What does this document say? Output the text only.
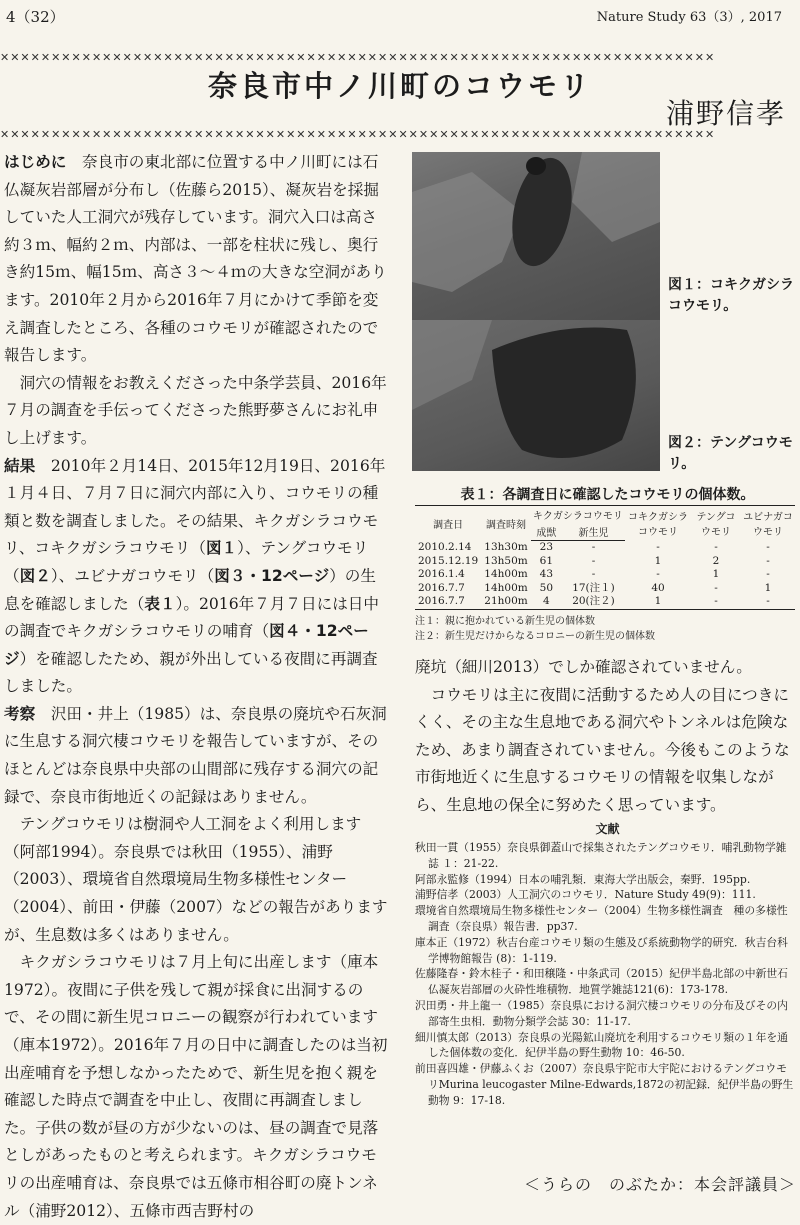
4（32）	Nature Study 63（3）, 2017
✕✕✕✕✕✕✕✕✕✕✕✕✕✕✕✕✕✕✕✕✕✕✕✕✕✕✕✕✕✕✕✕✕✕✕✕✕✕✕✕✕✕✕✕✕✕✕✕✕✕✕✕✕✕✕✕✕✕✕✕✕✕✕✕✕✕✕✕✕✕
奈良市中ノ川町のコウモリ
浦野信孝
✕✕✕✕✕✕✕✕✕✕✕✕✕✕✕✕✕✕✕✕✕✕✕✕✕✕✕✕✕✕✕✕✕✕✕✕✕✕✕✕✕✕✕✕✕✕✕✕✕✕✕✕✕✕✕✕✕✕✕✕✕✕✕✕✕✕✕✕✕✕

はじめに　 奈良市の東北部に位置する中ノ川町には石仏凝灰岩部層が分布し（佐藤ら2015）、凝灰岩を採掘していた人工洞穴が残存しています。洞穴入口は高さ約３ｍ、幅約２ｍ、内部は、一部を柱状に残し、奥行き約15ｍ、幅15ｍ、高さ３～４ｍの大きな空洞があります。2010年２月から2016年７月にかけて季節を変え調査したところ、各種のコウモリが確認されたので報告します。

洞穴の情報をお教えくださった中条学芸員、2016年７月の調査を手伝ってくださった熊野夢さんにお礼申し上げます。

結果　 2010年２月14日、2015年12月19日、2016年１月４日、７月７日に洞穴内部に入り、コウモリの種類と数を調査しました。その結果、キクガシラコウモリ、コキクガシラコウモリ（図１）、テングコウモリ（図２）、ユビナガコウモリ（図３・12ページ）の生息を確認しました（表１）。2016年７月７日には日中の調査でキクガシラコウモリの哺育（図４・12ページ）を確認したため、親が外出している夜間に再調査しました。

考察　 沢田・井上（1985）は、奈良県の廃坑や石灰洞に生息する洞穴棲コウモリを報告していますが、そのほとんどは奈良県中央部の山間部に残存する洞穴の記録で、奈良市街地近くの記録はありません。

テングコウモリは樹洞や人工洞をよく利用します（阿部1994）。奈良県では秋田（1955）、浦野（2003）、環境省自然環境局生物多様性センター（2004）、前田・伊藤（2007）などの報告がありますが、生息数は多くはありません。

キクガシラコウモリは７月上旬に出産します（庫本1972）。夜間に子供を残して親が採食に出洞するので、その間に新生児コロニーの観察が行われています（庫本1972）。2016年７月の日中に調査したのは当初出産哺育を予想しなかったためで、新生児を抱く親を確認した時点で調査を中止し、夜間に再調査しました。子供の数が昼の方が少ないのは、昼の調査で見落としがあったものと考えられます。キクガシラコウモリの出産哺育は、奈良県では五條市相谷町の廃トンネル（浦野2012）、五條市西吉野村の

図１：コキクガシラコウモリ。
図２：テングコウモリ。
表１：各調査日に確認したコウモリの個体数。
調査日	調査時刻	キクガシラコウモリ		コキクガシラコウモリ	テングコウモリ	ユビナガコウモリ
		成獣	新生児			
2010.2.14	13h30m	23	-	-	-	-
2015.12.19	13h50m	61	-	1	2	-
2016.1.4	14h00m	43	-	-	1	-
2016.7.7	14h00m	50	17(注１)	40	-	1
2016.7.7	21h00m	4	20(注２)	1	-	-
注１：親に抱かれている新生児の個体数
注２：新生児だけからなるコロニーの新生児の個体数

廃坑（細川2013）でしか確認されていません。

コウモリは主に夜間に活動するため人の目につきにくく、その主な生息地である洞穴やトンネルは危険なため、あまり調査されていません。今後もこのような市街地近くに生息するコウモリの情報を収集しながら、生息地の保全に努めたく思っています。

文献

秋田一貫（1955）奈良県御蓋山で採集されたテングコウモリ．哺乳動物学雑誌 １：21-22.

阿部永監修（1994）日本の哺乳類．東海大学出版会，秦野．195pp.

浦野信孝（2003）人工洞穴のコウモリ．Nature Study 49(9)：111.

環境省自然環境局生物多様性センター（2004）生物多様性調査　種の多様性調査（奈良県）報告書．pp37.

庫本正（1972）秋吉台産コウモリ類の生態及び系統動物学的研究．秋吉台科学博物館報告 (8)：1-119.

佐藤隆春・鈴木桂子・和田穣隆・中条武司（2015）紀伊半島北部の中新世石仏凝灰岩部層の火砕性堆積物．地質学雑誌121(6)：173-178.

沢田勇・井上龍一（1985）奈良県における洞穴棲コウモリの分布及びその内部寄生虫相．動物分類学会誌 30：11-17.

細川慎太郎（2013）奈良県の光陽鉱山廃坑を利用するコウモリ類の１年を通した個体数の変化．紀伊半島の野生動物 10：46-50.

前田喜四雄・伊藤ふくお（2007）奈良県宇陀市大宇陀におけるテングコウモリMurina leucogaster Milne-Edwards,1872の初記録．紀伊半島の野生動物 9：17-18.

＜うらの　のぶたか：本会評議員＞
